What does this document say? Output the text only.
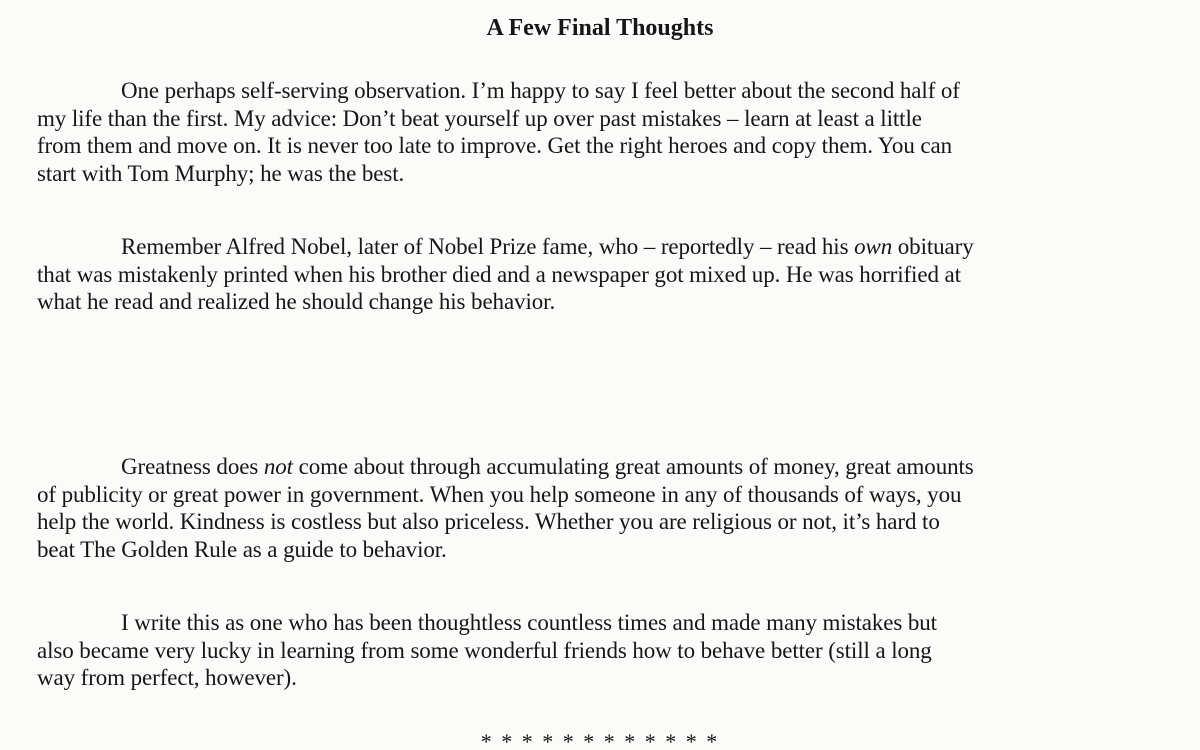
A Few Final Thoughts

One perhaps self-serving observation. I’m happy to say I feel better about the second half of
my life than the first. My advice: Don’t beat yourself up over past mistakes – learn at least a little
from them and move on. It is never too late to improve. Get the right heroes and copy them. You can
start with Tom Murphy; he was the best.

Remember Alfred Nobel, later of Nobel Prize fame, who – reportedly – read his own obituary
that was mistakenly printed when his brother died and a newspaper got mixed up. He was horrified at
what he read and realized he should change his behavior.

Greatness does not come about through accumulating great amounts of money, great amounts
of publicity or great power in government. When you help someone in any of thousands of ways, you
help the world. Kindness is costless but also priceless. Whether you are religious or not, it’s hard to
beat The Golden Rule as a guide to behavior.

I write this as one who has been thoughtless countless times and made many mistakes but
also became very lucky in learning from some wonderful friends how to behave better (still a long
way from perfect, however).

* * * * * * * * * * * *
